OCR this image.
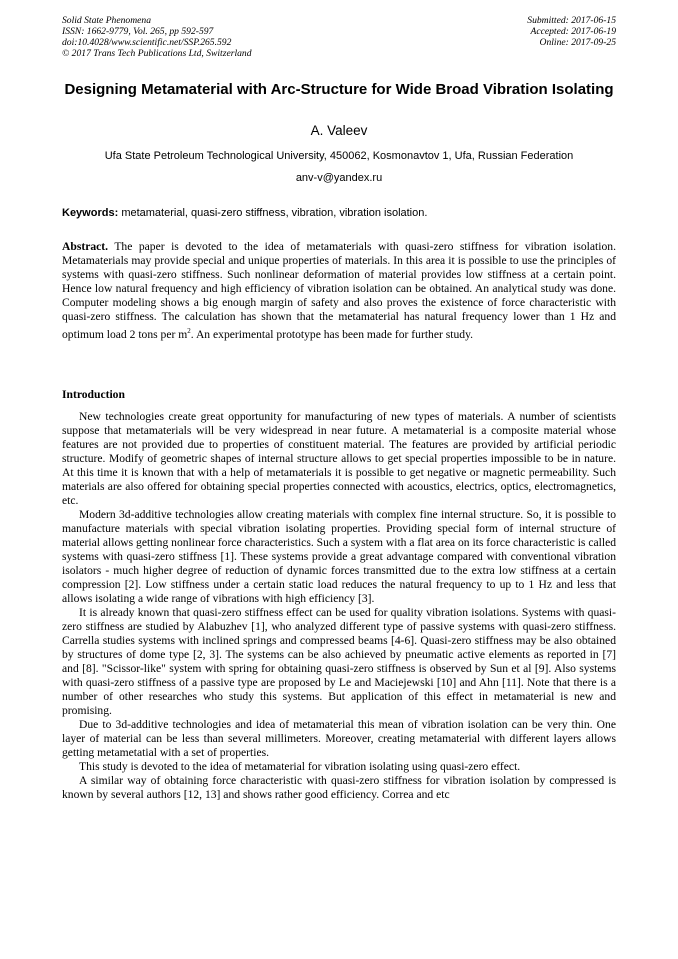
Solid State Phenomena
ISSN: 1662-9779, Vol. 265, pp 592-597
doi:10.4028/www.scientific.net/SSP.265.592
© 2017 Trans Tech Publications Ltd, Switzerland
Submitted: 2017-06-15
Accepted: 2017-06-19
Online: 2017-09-25
Designing Metamaterial with Arc-Structure for Wide Broad Vibration Isolating
A. Valeev
Ufa State Petroleum Technological University, 450062, Kosmonavtov 1, Ufa, Russian Federation
anv-v@yandex.ru
Keywords: metamaterial, quasi-zero stiffness, vibration, vibration isolation.
Abstract. The paper is devoted to the idea of metamaterials with quasi-zero stiffness for vibration isolation. Metamaterials may provide special and unique properties of materials. In this area it is possible to use the principles of systems with quasi-zero stiffness. Such nonlinear deformation of material provides low stiffness at a certain point. Hence low natural frequency and high efficiency of vibration isolation can be obtained. An analytical study was done. Computer modeling shows a big enough margin of safety and also proves the existence of force characteristic with quasi-zero stiffness. The calculation has shown that the metamaterial has natural frequency lower than 1 Hz and optimum load 2 tons per $m^2$. An experimental prototype has been made for further study.
Introduction

New technologies create great opportunity for manufacturing of new types of materials. A number of scientists suppose that metamaterials will be very widespread in near future. A metamaterial is a composite material whose features are not provided due to properties of constituent material. The features are provided by artificial periodic structure. Modify of geometric shapes of internal structure allows to get special properties impossible to be in nature. At this time it is known that with a help of metamaterials it is possible to get negative or magnetic permeability. Such materials are also offered for obtaining special properties connected with acoustics, electrics, optics, electromagnetics, etc.

Modern 3d-additive technologies allow creating materials with complex fine internal structure. So, it is possible to manufacture materials with special vibration isolating properties. Providing special form of internal structure of material allows getting nonlinear force characteristics. Such a system with a flat area on its force characteristic is called systems with quasi-zero stiffness [1]. These systems provide a great advantage compared with conventional vibration isolators - much higher degree of reduction of dynamic forces transmitted due to the extra low stiffness at a certain compression [2]. Low stiffness under a certain static load reduces the natural frequency to up to 1 Hz and less that allows isolating a wide range of vibrations with high efficiency [3].

It is already known that quasi-zero stiffness effect can be used for quality vibration isolations. Systems with quasi-zero stiffness are studied by Alabuzhev [1], who analyzed different type of passive systems with quasi-zero stiffness. Carrella studies systems with inclined springs and compressed beams [4-6]. Quasi-zero stiffness may be also obtained by structures of dome type [2, 3]. The systems can be also achieved by pneumatic active elements as reported in [7] and [8]. "Scissor-like" system with spring for obtaining quasi-zero stiffness is observed by Sun et al [9]. Also systems with quasi-zero stiffness of a passive type are proposed by Le and Maciejewski [10] and Ahn [11]. Note that there is a number of other researches who study this systems. But application of this effect in metamaterial is new and promising.

Due to 3d-additive technologies and idea of metamaterial this mean of vibration isolation can be very thin. One layer of material can be less than several millimeters. Moreover, creating metamaterial with different layers allows getting metametatial with a set of properties.

This study is devoted to the idea of metamaterial for vibration isolating using quasi-zero effect.

A similar way of obtaining force characteristic with quasi-zero stiffness for vibration isolation by compressed is known by several authors [12, 13] and shows rather good efficiency. Correa and etc
